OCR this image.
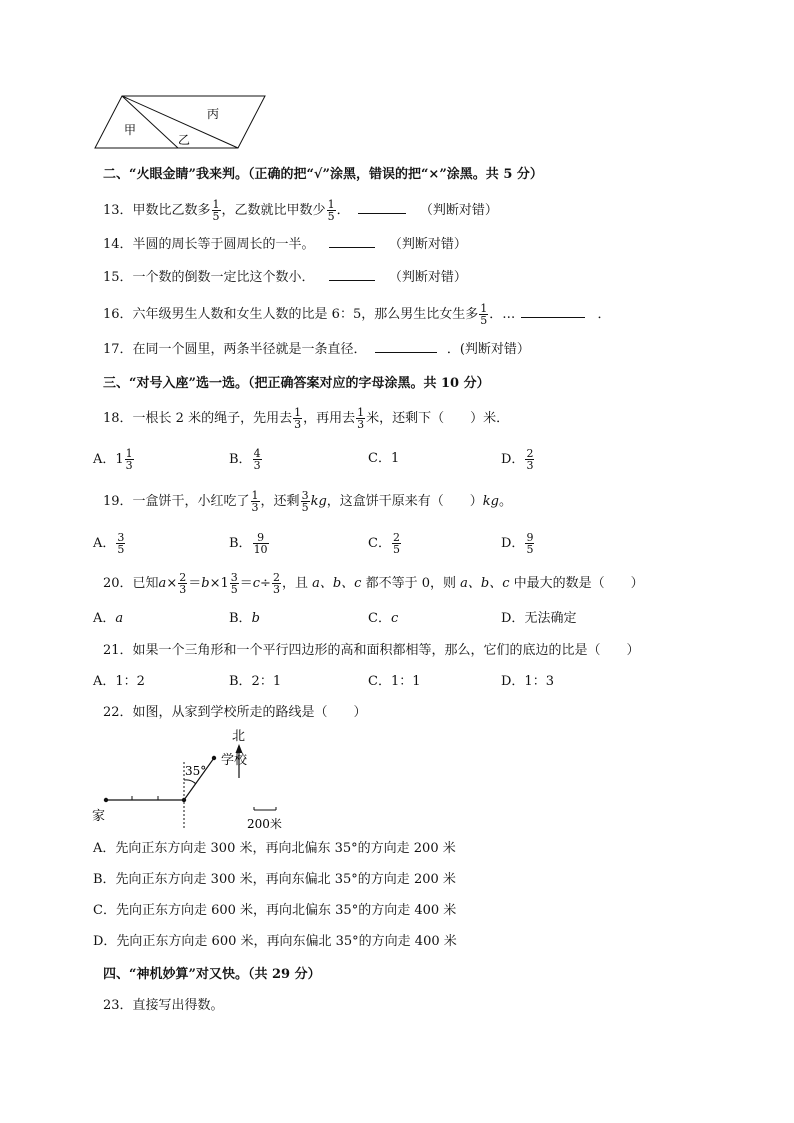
甲
乙
丙
二、“火眼金睛”我来判。（正确的把“√”涂黑，错误的把“×”涂黑。共 5 分）
13．甲数比乙数多 $\frac{1}{5}$ ，乙数就比甲数少 $\frac{1}{5}$ ．	（判断对错）
14．半圆的周长等于圆周长的一半。	（判断对错）
15．一个数的倒数一定比这个数小．	（判断对错）
16．六年级男生人数和女生人数的比是 6：5，那么男生比女生多 $\frac{1}{5}$ ．…	．
17．在同一个圆里，两条半径就是一条直径．	．(判断对错）
三、“对号入座”选一选。（把正确答案对应的字母涂黑。共 10 分）
18．一根长 2 米的绳子，先用去 $\frac{1}{3}$ ，再用去 $\frac{1}{3}$ 米，还剩下（　　）米．
A．$1 \frac{1}{3}$	B． $\frac{4}{3}$	C．1	D． $\frac{2}{3}$
19．一盒饼干，小红吃了 $\frac{1}{3}$ ，还剩 $\frac{3}{5}$ kg，这盒饼干原来有（　　）kg。
A． $\frac{3}{5}$	B． $\frac{9}{10}$	C． $\frac{2}{5}$	D． $\frac{9}{5}$
20．已知$a\times \frac{2}{3} =b\times 1 \frac{3}{5} =c\div \frac{2}{3}$ ，且 a、b、c 都不等于 0，则 a、b、c 中最大的数是（　　）
A．a	B．b	C．c	D．无法确定
21．如果一个三角形和一个平行四边形的高和面积都相等，那么，它们的底边的比是（　　）
A．1：2	B．2：1	C．1：1	D．1：3
22．如图，从家到学校所走的路线是（　　）
35°
学校
家
北
200米
A．先向正东方向走 300 米，再向北偏东 35°的方向走 200 米
B．先向正东方向走 300 米，再向东偏北 35°的方向走 200 米
C．先向正东方向走 600 米，再向北偏东 35°的方向走 400 米
D．先向正东方向走 600 米，再向东偏北 35°的方向走 400 米
四、“神机妙算”对又快。（共 29 分）
23．直接写出得数。
